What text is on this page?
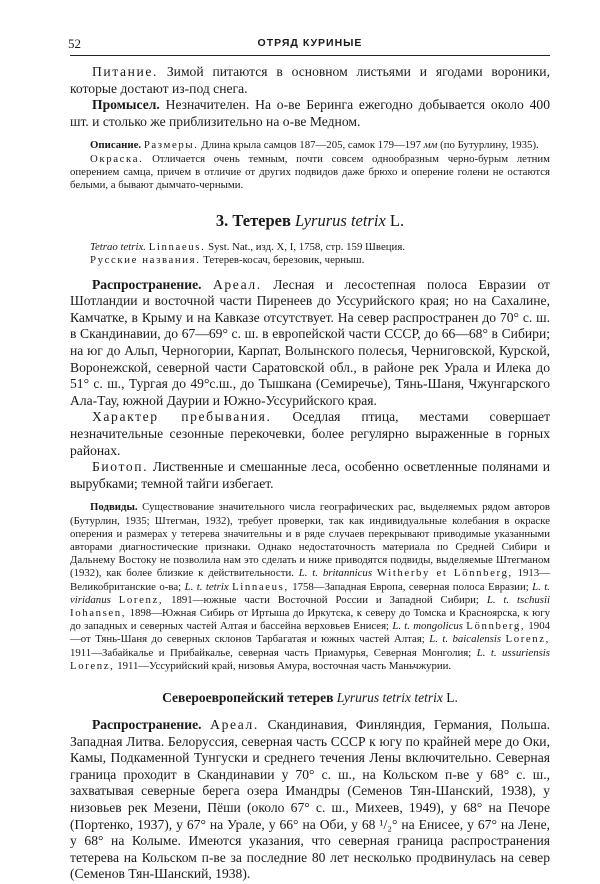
52	ОТРЯД КУРИНЫЕ

Питание. Зимой питаются в основном листьями и ягодами вороники, которые достают из-под снега.

Промысел. Незначителен. На о-ве Беринга ежегодно добывается около 400 шт. и столько же приблизительно на о-ве Медном.

Описание. Размеры. Длина крыла самцов 187—205, самок 179—197 мм (по Бутурлину, 1935).

Окраска. Отличается очень темным, почти совсем однообразным черно-бурым летним оперением самца, причем в отличие от других подвидов даже брюхо и оперение голени не остаются белыми, а бывают дымчато-черными.

3. Тетерев Lyrurus tetrix L.

Tetrao tetrix. Linnaeus. Syst. Nat., изд. X, I, 1758, стр. 159 Швеция.

Русские названия. Тетерев-косач, березовик, черныш.

Распространение. Ареал. Лесная и лесостепная полоса Евразии от Шотландии и восточной части Пиренеев до Уссурийского края; но на Сахалине, Камчатке, в Крыму и на Кавказе отсутствует. На север распространен до 70° с. ш. в Скандинавии, до 67—69° с. ш. в европейской части СССР, до 66—68° в Сибири; на юг до Альп, Черногории, Карпат, Волынского полесья, Черниговской, Курской, Воронежской, северной части Саратовской обл., в районе рек Урала и Илека до 51° с. ш., Тургая до 49°с.ш., до Тышкана (Семиречье), Тянь-Шаня, Чжунгарского Ала-Тау, южной Даурии и Южно-Уссурийского края.

Характер пребывания. Оседлая птица, местами совершает незначительные сезонные перекочевки, более регулярно выраженные в горных районах.

Биотоп. Лиственные и смешанные леса, особенно осветленные полянами и вырубками; темной тайги избегает.

Подвиды. Существование значительного числа географических рас, выделяемых рядом авторов (Бутурлин, 1935; Штегман, 1932), требует проверки, так как индивидуальные колебания в окраске оперения и размерах у тетерева значительны и в ряде случаев перекрывают приводимые указанными авторами диагностические признаки. Однако недостаточность материала по Средней Сибири и Дальнему Востоку не позволила нам это сделать и ниже приводятся подвиды, выделяемые Штегманом (1932), как более близкие к действительности. L. t. britannicus Witherby et Lönnberg, 1913—Великобританские о-ва; L. t. tetrix Linnaeus, 1758—Западная Европа, северная полоса Евразии; L. t. viridanus Lorenz, 1891—южные части Восточной России и Западной Сибири; L. t. tschusii Iohansen, 1898—Южная Сибирь от Иртыша до Иркутска, к северу до Томска и Красноярска, к югу до западных и северных частей Алтая и бассейна верховьев Енисея; L. t. mongolicus Lönnberg, 1904—от Тянь-Шаня до северных склонов Тарбагатая и южных частей Алтая; L. t. baicalensis Lorenz, 1911—Забайкалье и Прибайкалье, северная часть Приамурья, Северная Монголия; L. t. ussuriensis Lorenz, 1911—Уссурийский край, низовья Амура, восточная часть Маньчжурии.

Североевропейский тетерев Lyrurus tetrix tetrix L.

Распространение. Ареал. Скандинавия, Финляндия, Германия, Польша. Западная Литва. Белоруссия, северная часть СССР к югу по крайней мере до Оки, Камы, Подкаменной Тунгуски и среднего течения Лены включительно. Северная граница проходит в Скандинавии у 70° с. ш., на Кольском п-ве у 68° с. ш., захватывая северные берега озера Имандры (Семенов Тян-Шанский, 1938), у низовьев рек Мезени, Пёши (около 67° с. ш., Михеев, 1949), у 68° на Печоре (Портенко, 1937), у 67° на Урале, у 66° на Оби, у 68 ¹/₂° на Енисее, у 67° на Лене, у 68° на Колыме. Имеются указания, что северная граница распространения тетерева на Кольском п-ве за последние 80 лет несколько продвинулась на север (Семенов Тян-Шанский, 1938).
